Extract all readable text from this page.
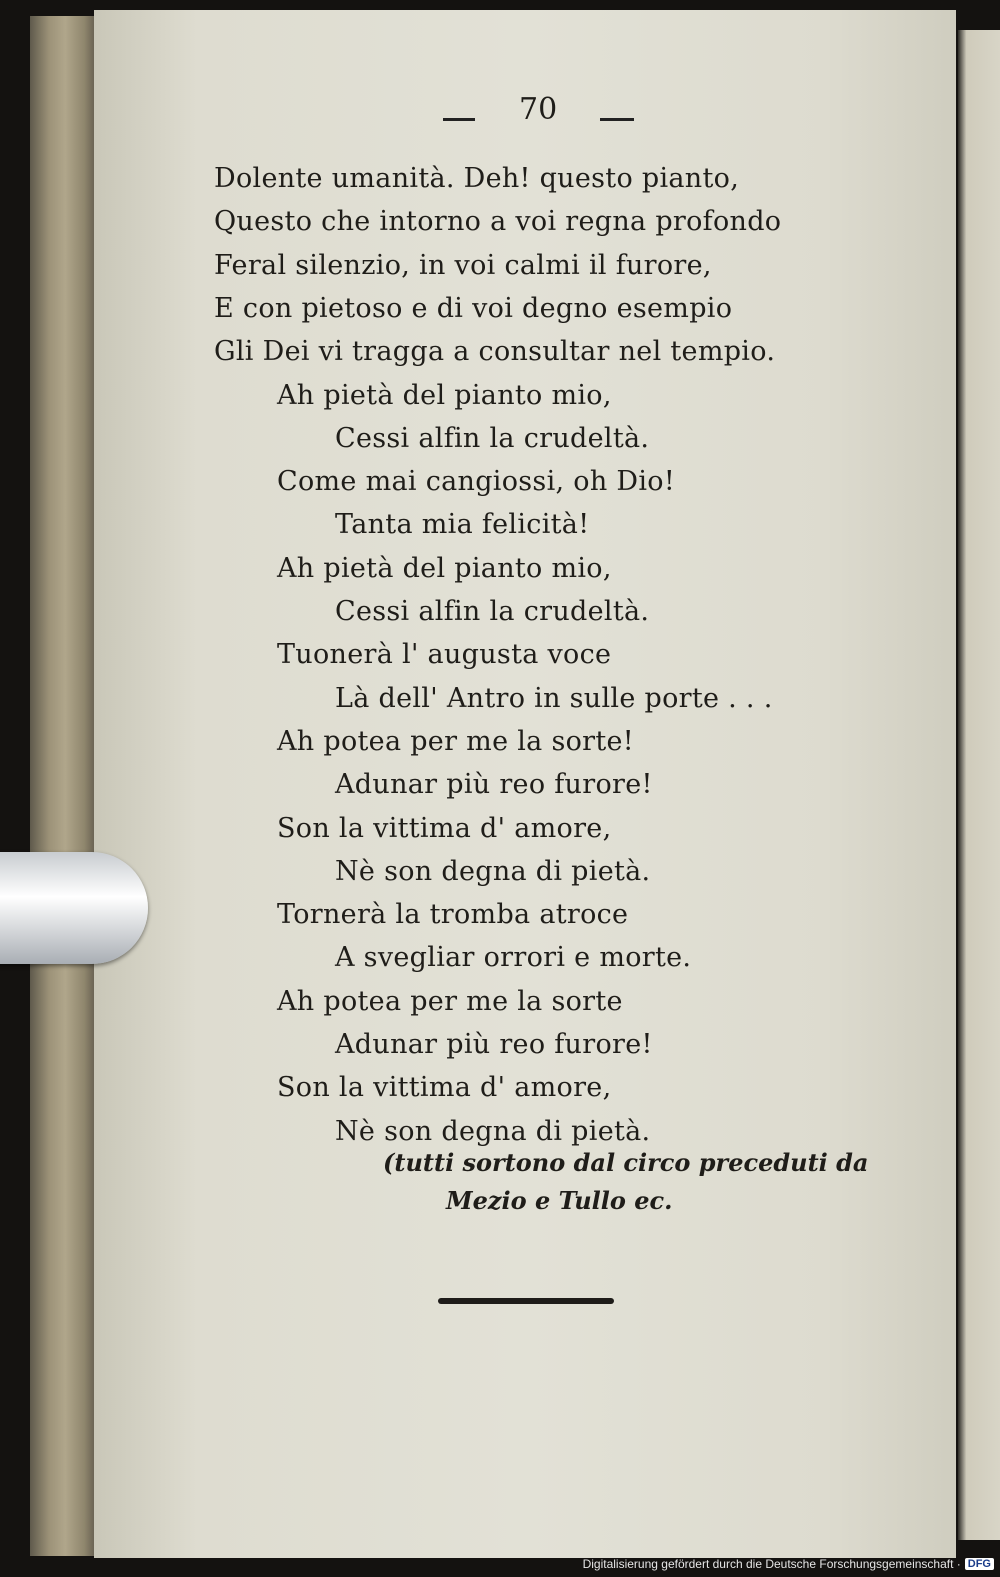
70
Dolente umanità. Deh! questo pianto,
Questo che intorno a voi regna profondo
Feral silenzio, in voi calmi il furore,
E con pietoso e di voi degno esempio
Gli Dei vi tragga a consultar nel tempio.
Ah pietà del pianto mio,
Cessi alfin la crudeltà.
Come mai cangiossi, oh Dio!
Tanta mia felicità!
Ah pietà del pianto mio,
Cessi alfin la crudeltà.
Tuonerà l' augusta voce
Là dell' Antro in sulle porte . . .
Ah potea per me la sorte!
Adunar più reo furore!
Son la vittima d' amore,
Nè son degna di pietà.
Tornerà la tromba atroce
A svegliar orrori e morte.
Ah potea per me la sorte
Adunar più reo furore!
Son la vittima d' amore,
Nè son degna di pietà.
(tutti sortono dal circo preceduti da
Mezio e Tullo ec.
Digitalisierung gefördert durch die Deutsche Forschungsgemeinschaft · DFG
